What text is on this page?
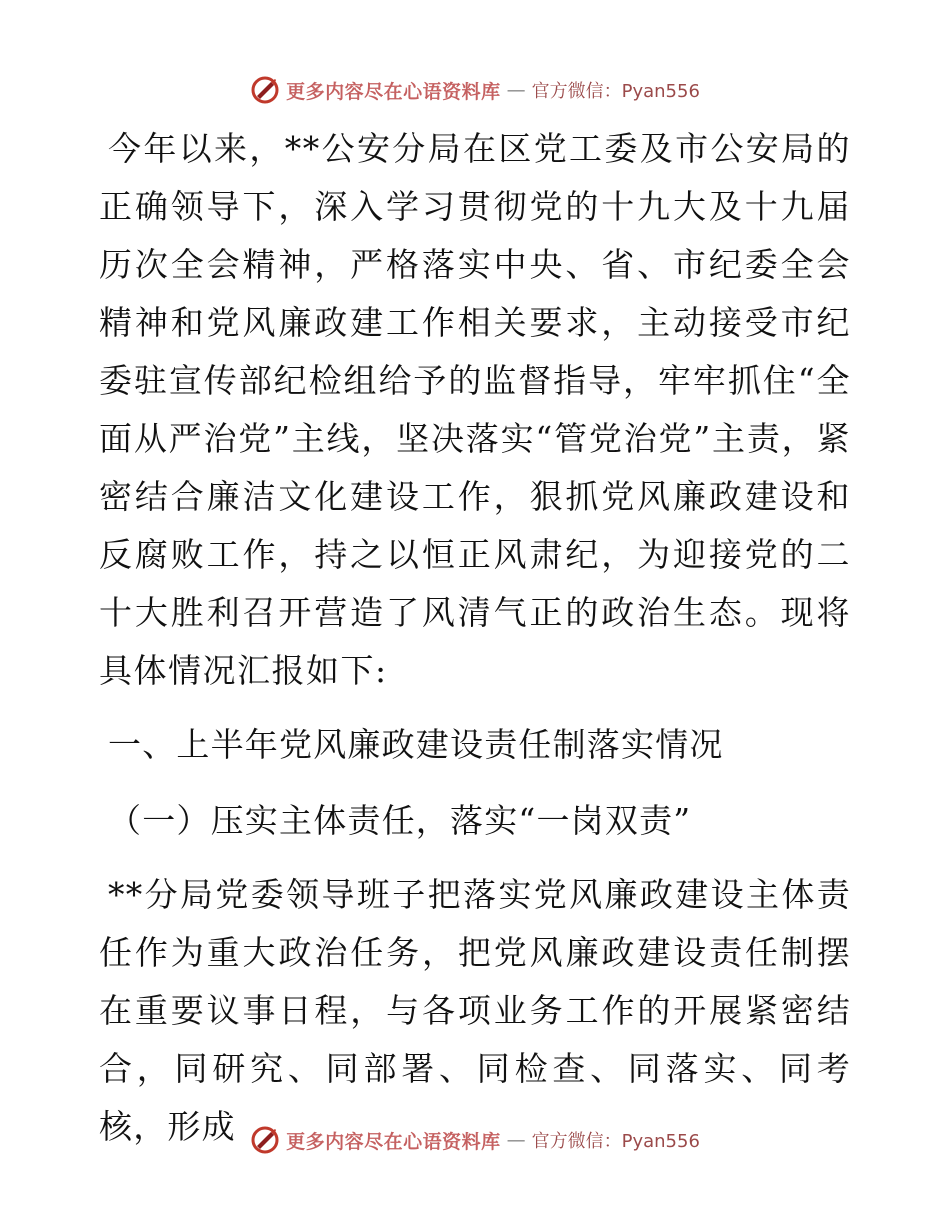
更多内容尽在心语资料库 — 官方微信：Pyan556

今年以来，**公安分局在区党工委及市公安局的正确领导下，深入学习贯彻党的十九大及十九届历次全会精神，严格落实中央、省、市纪委全会精神和党风廉政建工作相关要求，主动接受市纪委驻宣传部纪检组给予的监督指导，牢牢抓住“全面从严治党”主线，坚决落实“管党治党”主责，紧密结合廉洁文化建设工作，狠抓党风廉政建设和反腐败工作，持之以恒正风肃纪，为迎接党的二十大胜利召开营造了风清气正的政治生态。现将具体情况汇报如下:

一、上半年党风廉政建设责任制落实情况

（一）压实主体责任，落实“一岗双责”

**分局党委领导班子把落实党风廉政建设主体责任作为重大政治任务，把党风廉政建设责任制摆在重要议事日程，与各项业务工作的开展紧密结合，同研究、同部署、同检查、同落实、同考核，形成	更多内容尽在心语资料库 — 官方微信：Pyan556
